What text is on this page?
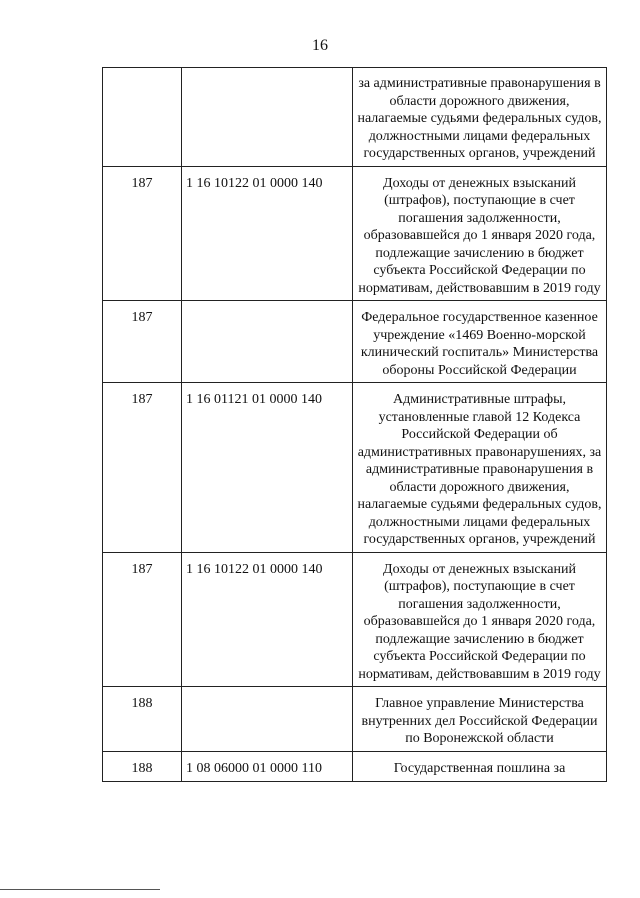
16
		за административные правонарушения в области дорожного движения, налагаемые судьями федеральных судов, должностными лицами федеральных государственных органов, учреждений
187	1 16 10122 01 0000 140	Доходы от денежных взысканий (штрафов), поступающие в счет погашения задолженности, образовавшейся до 1 января 2020 года, подлежащие зачислению в бюджет субъекта Российской Федерации по нормативам, действовавшим в 2019 году
187		Федеральное государственное казенное учреждение «1469 Военно-морской клинический госпиталь» Министерства обороны Российской Федерации
187	1 16 01121 01 0000 140	Административные штрафы, установленные главой 12 Кодекса Российской Федерации об административных правонарушениях, за административные правонарушения в области дорожного движения, налагаемые судьями федеральных судов, должностными лицами федеральных государственных органов, учреждений
187	1 16 10122 01 0000 140	Доходы от денежных взысканий (штрафов), поступающие в счет погашения задолженности, образовавшейся до 1 января 2020 года, подлежащие зачислению в бюджет субъекта Российской Федерации по нормативам, действовавшим в 2019 году
188		Главное управление Министерства внутренних дел Российской Федерации по Воронежской области
188	1 08 06000 01 0000 110	Государственная пошлина за
